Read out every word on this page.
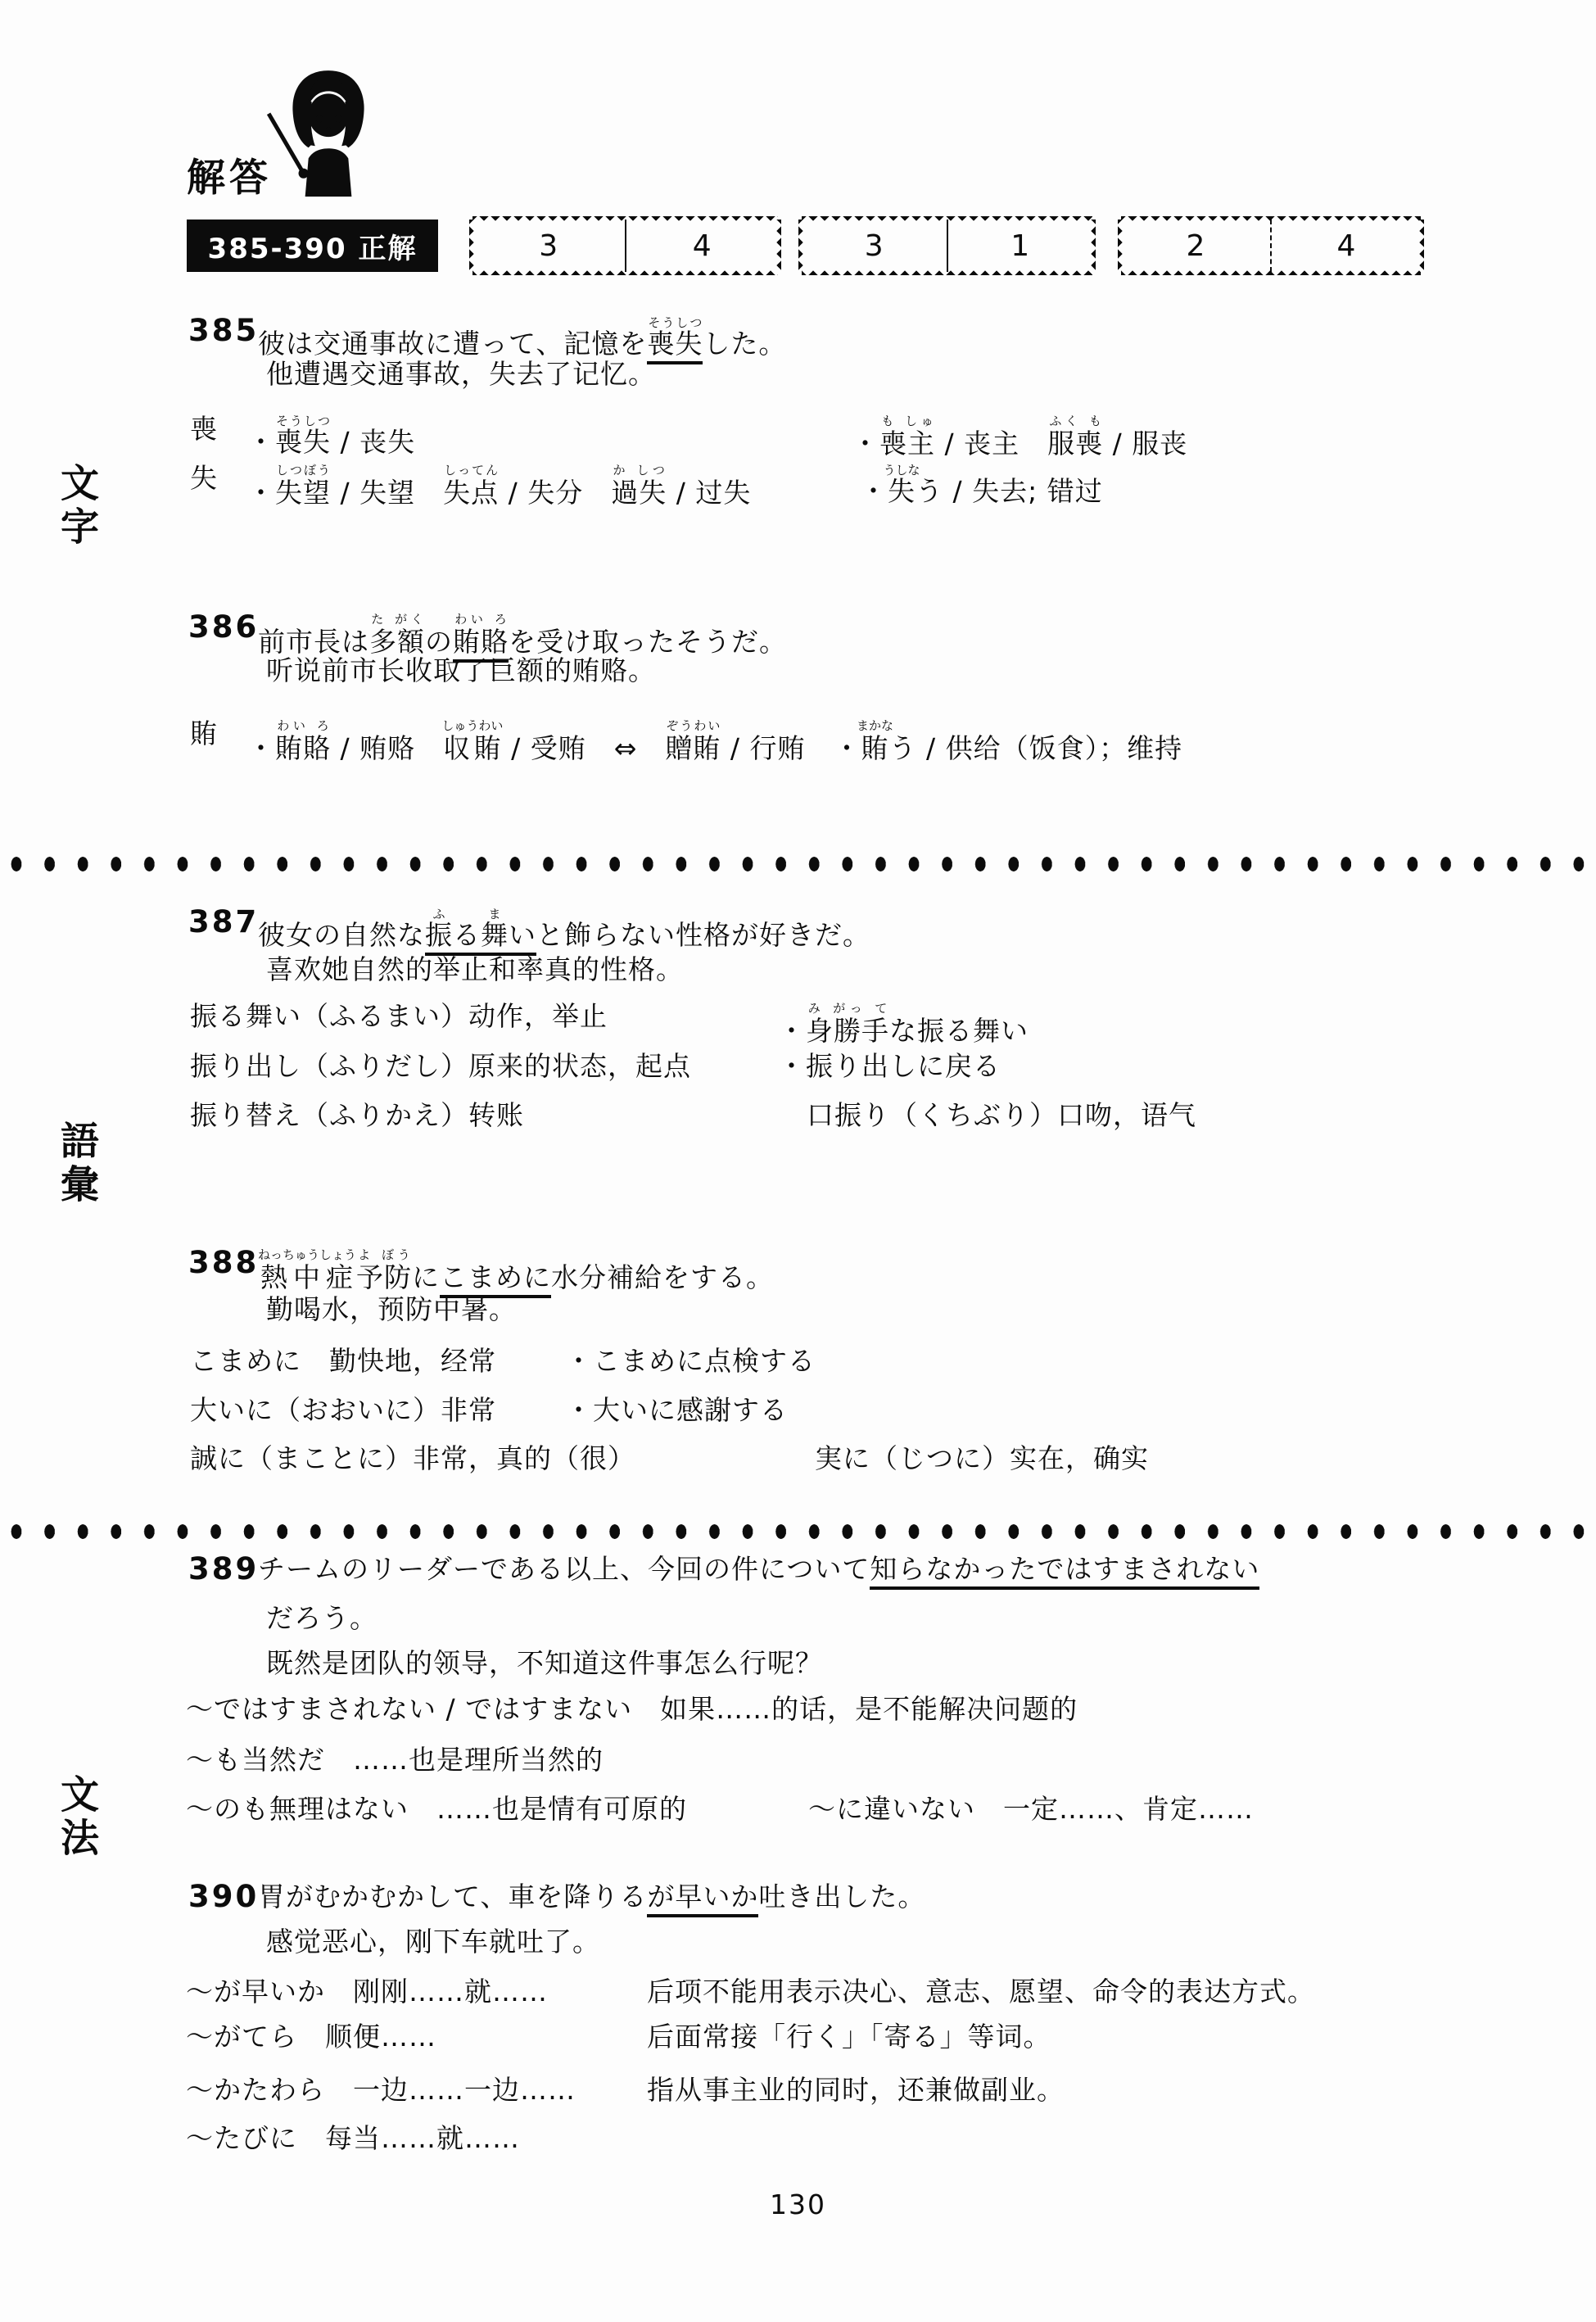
解答
385-390 正解	3	4	3	1	2	4
文字
語彙
文法
385
彼は交通事故に遭って、記憶を喪失そうしつした。
他遭遇交通事故，失去了记忆。
喪 ・喪失そうしつ / 丧失	・喪主も しゅ / 丧主　服喪ふく も / 服丧
失 ・失望しつぼう / 失望　失点しってん / 失分　過失か しつ / 过失	・失うしなう / 失去; 错过
386
前市長は多額た がくの賄賂わい ろを受け取ったそうだ。
听说前市长收取了巨额的贿赂。
賄 ・賄賂わい ろ / 贿赂　収賄しゅうわい / 受贿　⇔　贈賄ぞうわい / 行贿　・賄まかなう / 供给（饭食）；维持
387
彼女の自然な振ふる舞まいと飾らない性格が好きだ。
喜欢她自然的举止和率真的性格。
振る舞い（ふるまい）动作，举止	・身勝手み がっ てな振る舞い
振り出し（ふりだし）原来的状态，起点	・振り出しに戻る
振り替え（ふりかえ）转账	口振り（くちぶり）口吻，语气
388
熱中症ねっちゅうしょう予防よ ぼうにこまめに水分補給をする。
勤喝水，预防中暑。
こまめに　勤快地，经常	・こまめに点検する
大いに（おおいに）非常	・大いに感謝する
誠に（まことに）非常，真的（很）	実に（じつに）实在，确实
389
チームのリーダーである以上、今回の件について知らなかったではすまされない
だろう。
既然是团队的领导，不知道这件事怎么行呢？
～ではすまされない / ではすまない　如果……的话，是不能解决问题的
～も当然だ　……也是理所当然的
～のも無理はない　……也是情有可原的	～に違いない　一定……、肯定……
390
胃がむかむかして、車を降りるが早いか吐き出した。
感觉恶心，刚下车就吐了。
～が早いか　刚刚……就……	后项不能用表示决心、意志、愿望、命令的表达方式。
～がてら　顺便……	后面常接「行く」「寄る」等词。
～かたわら　一边……一边……	指从事主业的同时，还兼做副业。
～たびに　每当……就……
130
